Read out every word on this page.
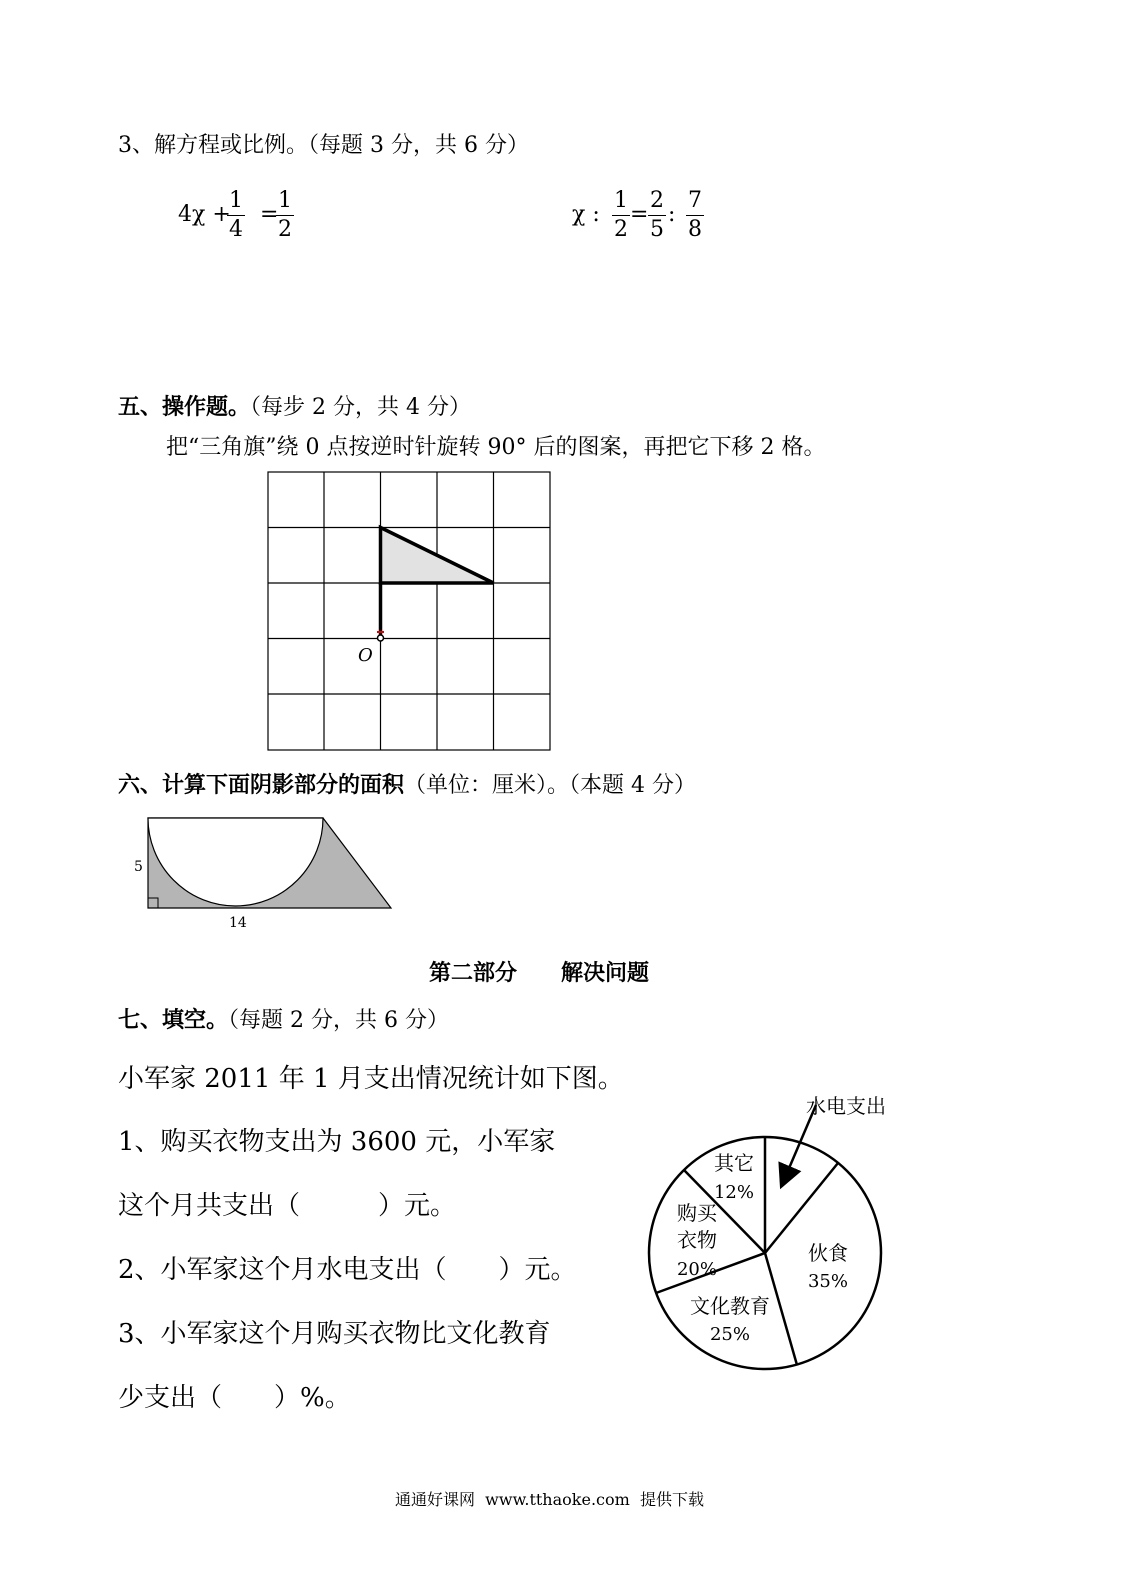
3、解方程或比例。（每题 3 分，共 6 分）
4χ +
1
4
=
1
2
χ :
1
2
=
2
5
:
7
8
五、操作题。（每步 2 分，共 4 分）
把“三角旗”绕 0 点按逆时针旋转 90° 后的图案，再把它下移 2 格。
O
六、计算下面阴影部分的面积（单位：厘米）。（本题 4 分）
5
14
第二部分　　解决问题
七、填空。（每题 2 分，共 6 分）
小军家 2011 年 1 月支出情况统计如下图。
1、购买衣物支出为 3600 元，小军家
这个月共支出（　　　）元。
2、小军家这个月水电支出（　　）元。
3、小军家这个月购买衣物比文化教育
少支出（　　）%。
水电支出
其它
12%
购买
衣物
20%
伙食
35%
文化教育
25%
通通好课网  www.tthaoke.com  提供下载
